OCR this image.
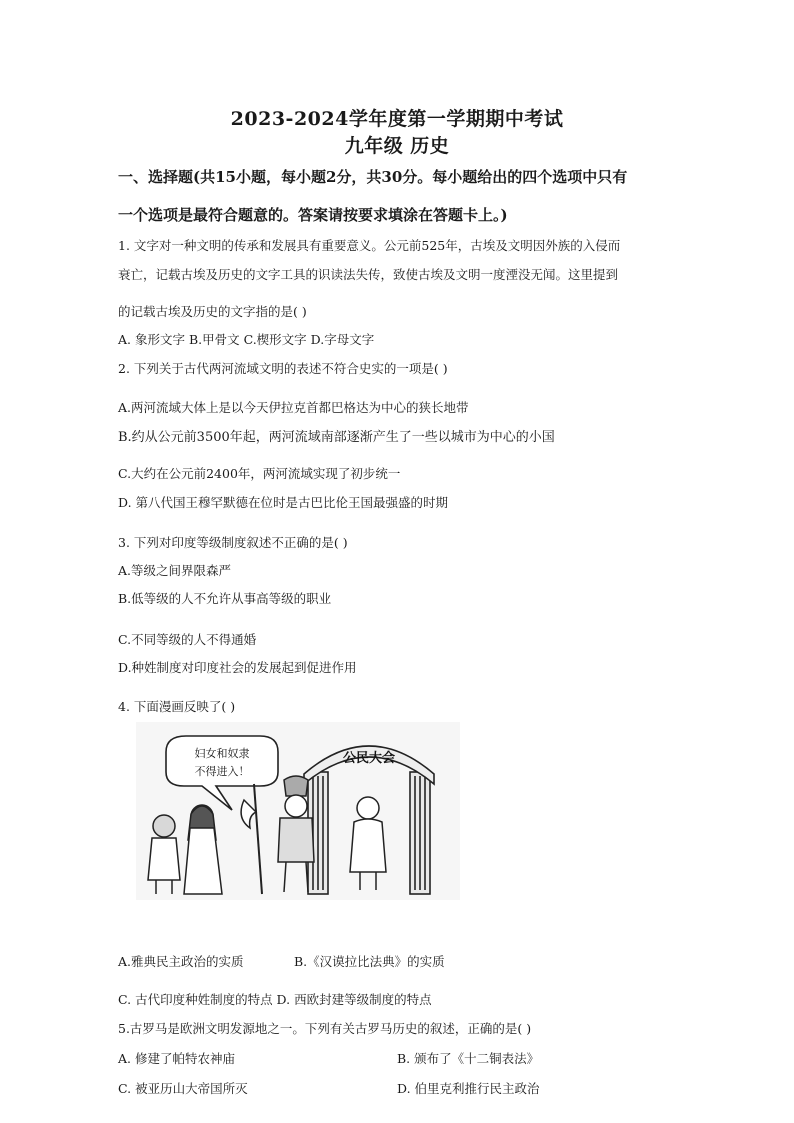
2023-2024学年度第一学期期中考试
九年级 历史
一、选择题(共15小题，每小题2分，共30分。每小题给出的四个选项中只有
一个选项是最符合题意的。答案请按要求填涂在答题卡上。)
1. 文字对一种文明的传承和发展具有重要意义。公元前525年，古埃及文明因外族的入侵而
衰亡，记载古埃及历史的文字工具的识读法失传，致使古埃及文明一度湮没无闻。这里提到
的记载古埃及历史的文字指的是( )
A. 象形文字 B.甲骨文 C.楔形文字 D.字母文字
2. 下列关于古代两河流域文明的表述不符合史实的一项是( )
A.两河流域大体上是以今天伊拉克首都巴格达为中心的狭长地带
B.约从公元前3500年起，两河流域南部逐渐产生了一些以城市为中心的小国
C.大约在公元前2400年，两河流域实现了初步统一
D. 第八代国王穆罕默德在位时是古巴比伦王国最强盛的时期
3. 下列对印度等级制度叙述不正确的是( )
A.等级之间界限森严
B.低等级的人不允许从事高等级的职业
C.不同等级的人不得通婚
D.种姓制度对印度社会的发展起到促进作用
4. 下面漫画反映了( )
公民大会
妇女和奴隶
不得进入！
A.雅典民主政治的实质	B.《汉谟拉比法典》的实质
C. 古代印度种姓制度的特点 D. 西欧封建等级制度的特点
5.古罗马是欧洲文明发源地之一。下列有关古罗马历史的叙述，正确的是( )
A. 修建了帕特农神庙	B. 颁布了《十二铜表法》
C. 被亚历山大帝国所灭	D. 伯里克利推行民主政治
